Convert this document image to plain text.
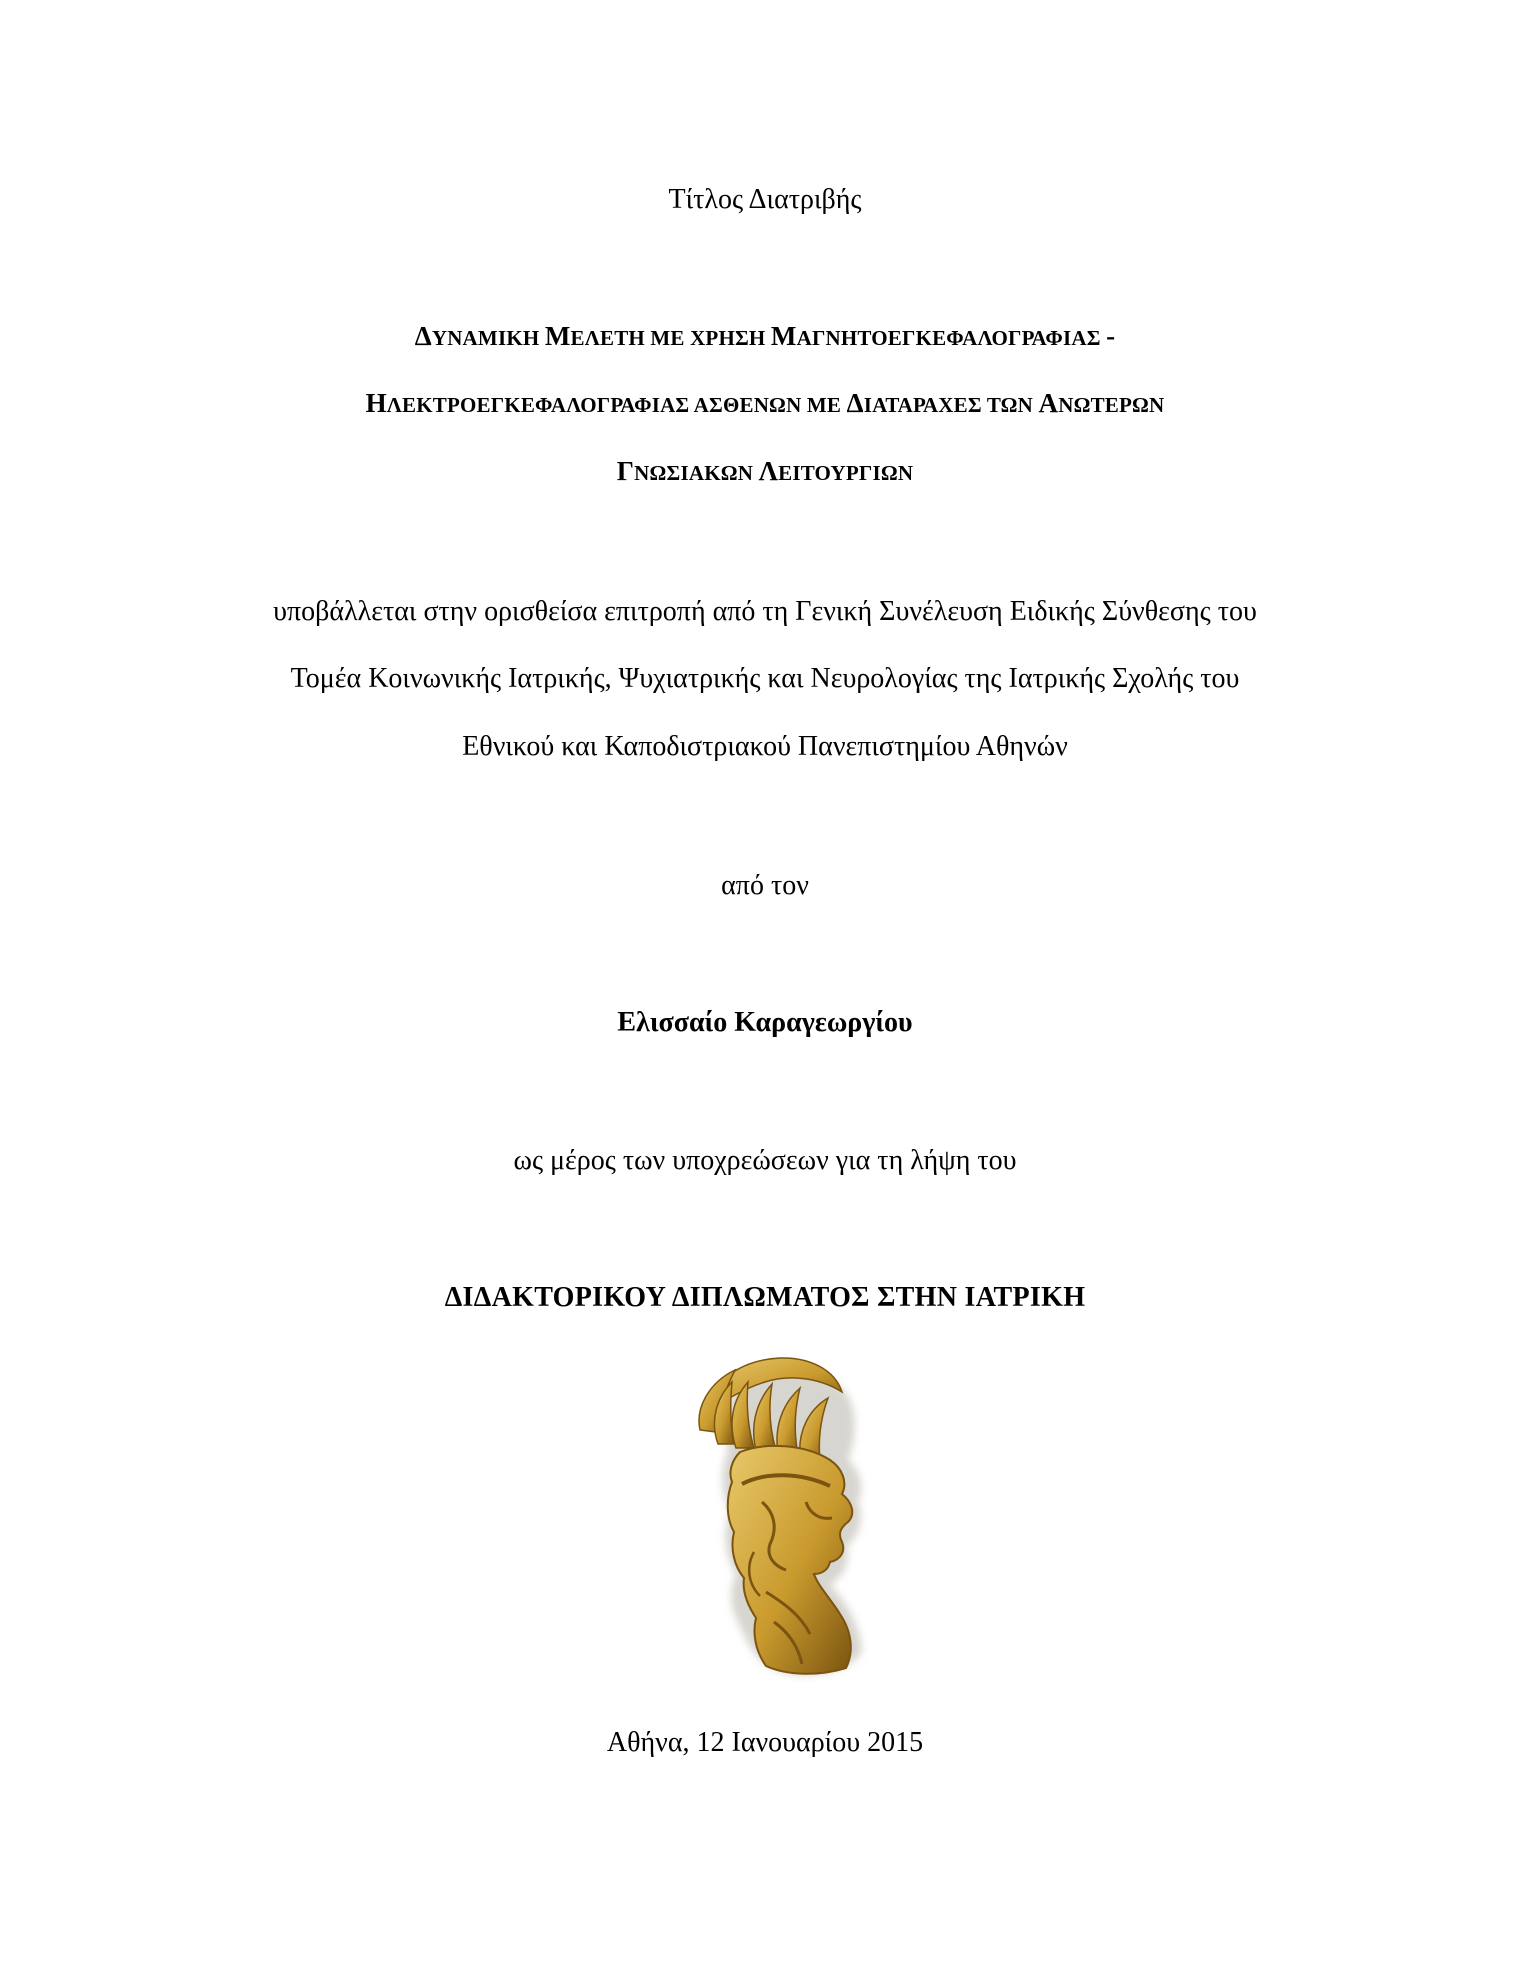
Τίτλος Διατριβής
ΔΥΝΑΜΙΚΗ ΜΕΛΕΤΗ ΜΕ ΧΡΗΣΗ ΜΑΓΝΗΤΟΕΓΚΕΦΑΛΟΓΡΑΦΙΑΣ -
ΗΛΕΚΤΡΟΕΓΚΕΦΑΛΟΓΡΑΦΙΑΣ ΑΣΘΕΝΩΝ ΜΕ ΔΙΑΤΑΡΑΧΕΣ ΤΩΝ ΑΝΩΤΕΡΩΝ
ΓΝΩΣΙΑΚΩΝ ΛΕΙΤΟΥΡΓΙΩΝ
υποβάλλεται στην ορισθείσα επιτροπή από τη Γενική Συνέλευση Ειδικής Σύνθεσης του
Τομέα Κοινωνικής Ιατρικής, Ψυχιατρικής και Νευρολογίας της Ιατρικής Σχολής του
Εθνικού και Καποδιστριακού Πανεπιστημίου Αθηνών
από τον
Ελισσαίο Καραγεωργίου
ως μέρος των υποχρεώσεων για τη λήψη του
ΔΙΔΑΚΤΟΡΙΚΟΥ ΔΙΠΛΩΜΑΤΟΣ ΣΤΗΝ ΙΑΤΡΙΚΗ
Αθήνα, 12 Ιανουαρίου 2015
